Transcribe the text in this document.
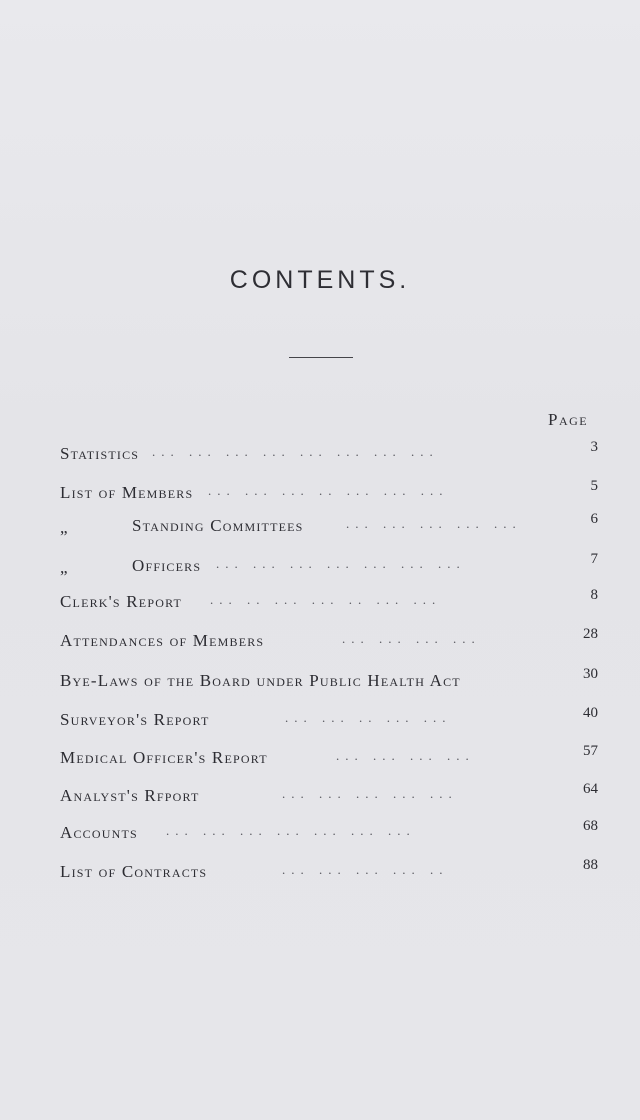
CONTENTS.
Page
Statistics ... ... ... ... ... ... ... ...	3
List of Members ... ... ... .. ... ... ...	5
„	Standing Committees	... ... ... ... ...	6
„	Officers ... ... ... ... ... ... ...	7
Clerk's Report ... .. ... ... .. ... ...	8
Attendances of Members	... ... ... ...	28
Bye-Laws of the Board under Public Health Act	30
Surveyor's Report	... ... .. ... ...	40
Medical Officer's Report	... ... ... ...	57
Analyst's Rfport	... ... ... ... ...	64
Accounts ... ... ... ... ... ... ...	68
List of Contracts	... ... ... ... ..	88
